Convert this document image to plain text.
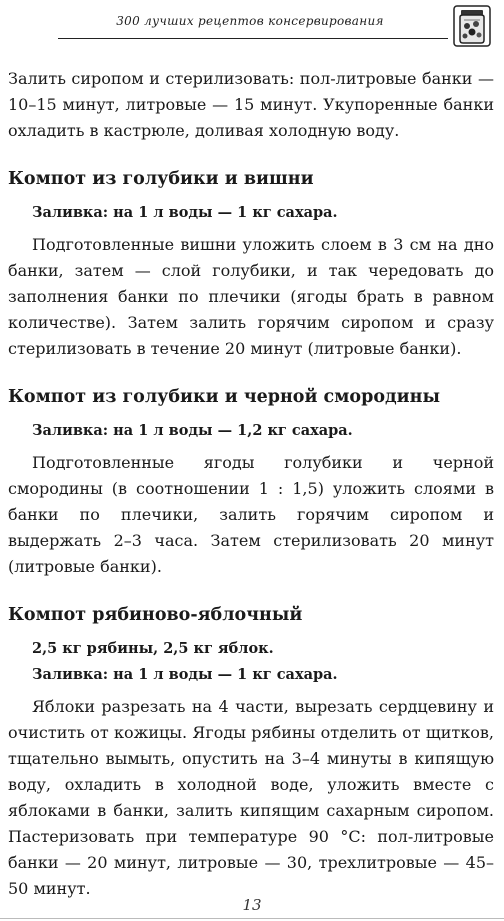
300 лучших рецептов консервирования

Залить сиропом и стерилизовать: пол-литровые банки — 10–15 минут, литровые — 15 минут. Укупоренные банки охладить в кастрюле, доливая холодную воду.

Компот из голубики и вишни

Заливка: на 1 л воды — 1 кг сахара.

Подготовленные вишни уложить слоем в 3 см на дно банки, затем — слой голубики, и так чередовать до заполнения банки по плечики (ягоды брать в равном количестве). Затем залить горячим сиропом и сразу стерилизовать в течение 20 минут (литровые банки).

Компот из голубики и черной смородины

Заливка: на 1 л воды — 1,2 кг сахара.

Подготовленные ягоды голубики и черной смородины (в соотношении 1 : 1,5) уложить слоями в банки по плечики, залить горячим сиропом и выдержать 2–3 часа. Затем стерилизовать 20 минут (литровые банки).

Компот рябиново-яблочный

2,5 кг рябины, 2,5 кг яблок.

Заливка: на 1 л воды — 1 кг сахара.

Яблоки разрезать на 4 части, вырезать сердцевину и очистить от кожицы. Ягоды рябины отделить от щитков, тщательно вымыть, опустить на 3–4 минуты в кипящую воду, охладить в холодной воде, уложить вместе с яблоками в банки, залить кипящим сахарным сиропом. Пастеризовать при температуре 90 °C: пол-литровые банки — 20 минут, литровые — 30, трехлитровые — 45–50 минут.

13
